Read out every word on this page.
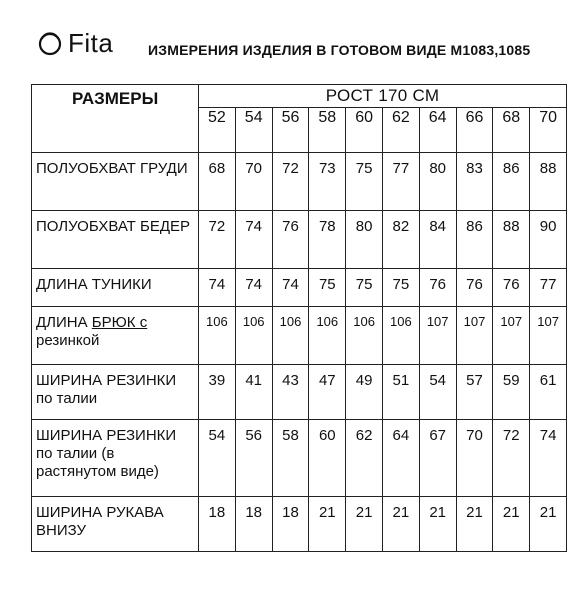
Fita ИЗМЕРЕНИЯ ИЗДЕЛИЯ В ГОТОВОМ ВИДЕ М1083,1085
РАЗМЕРЫ	РОСТ 170 СМ									
	52	54	56	58	60	62	64	66	68	70
ПОЛУОБХВАТ ГРУДИ	68	70	72	73	75	77	80	83	86	88
ПОЛУОБХВАТ БЕДЕР	72	74	76	78	80	82	84	86	88	90
ДЛИНА ТУНИКИ	74	74	74	75	75	75	76	76	76	77
ДЛИНА БРЮК с резинкой	106	106	106	106	106	106	107	107	107	107

ШИРИНА РЕЗИНКИ
по талии	39	41	43	47	49	51	54	57	59	61

ШИРИНА РЕЗИНКИ
по талии (в растянутом виде)	54	56	58	60	62	64	67	70	72	74
ШИРИНА РУКАВА ВНИЗУ	18	18	18	21	21	21	21	21	21	21
